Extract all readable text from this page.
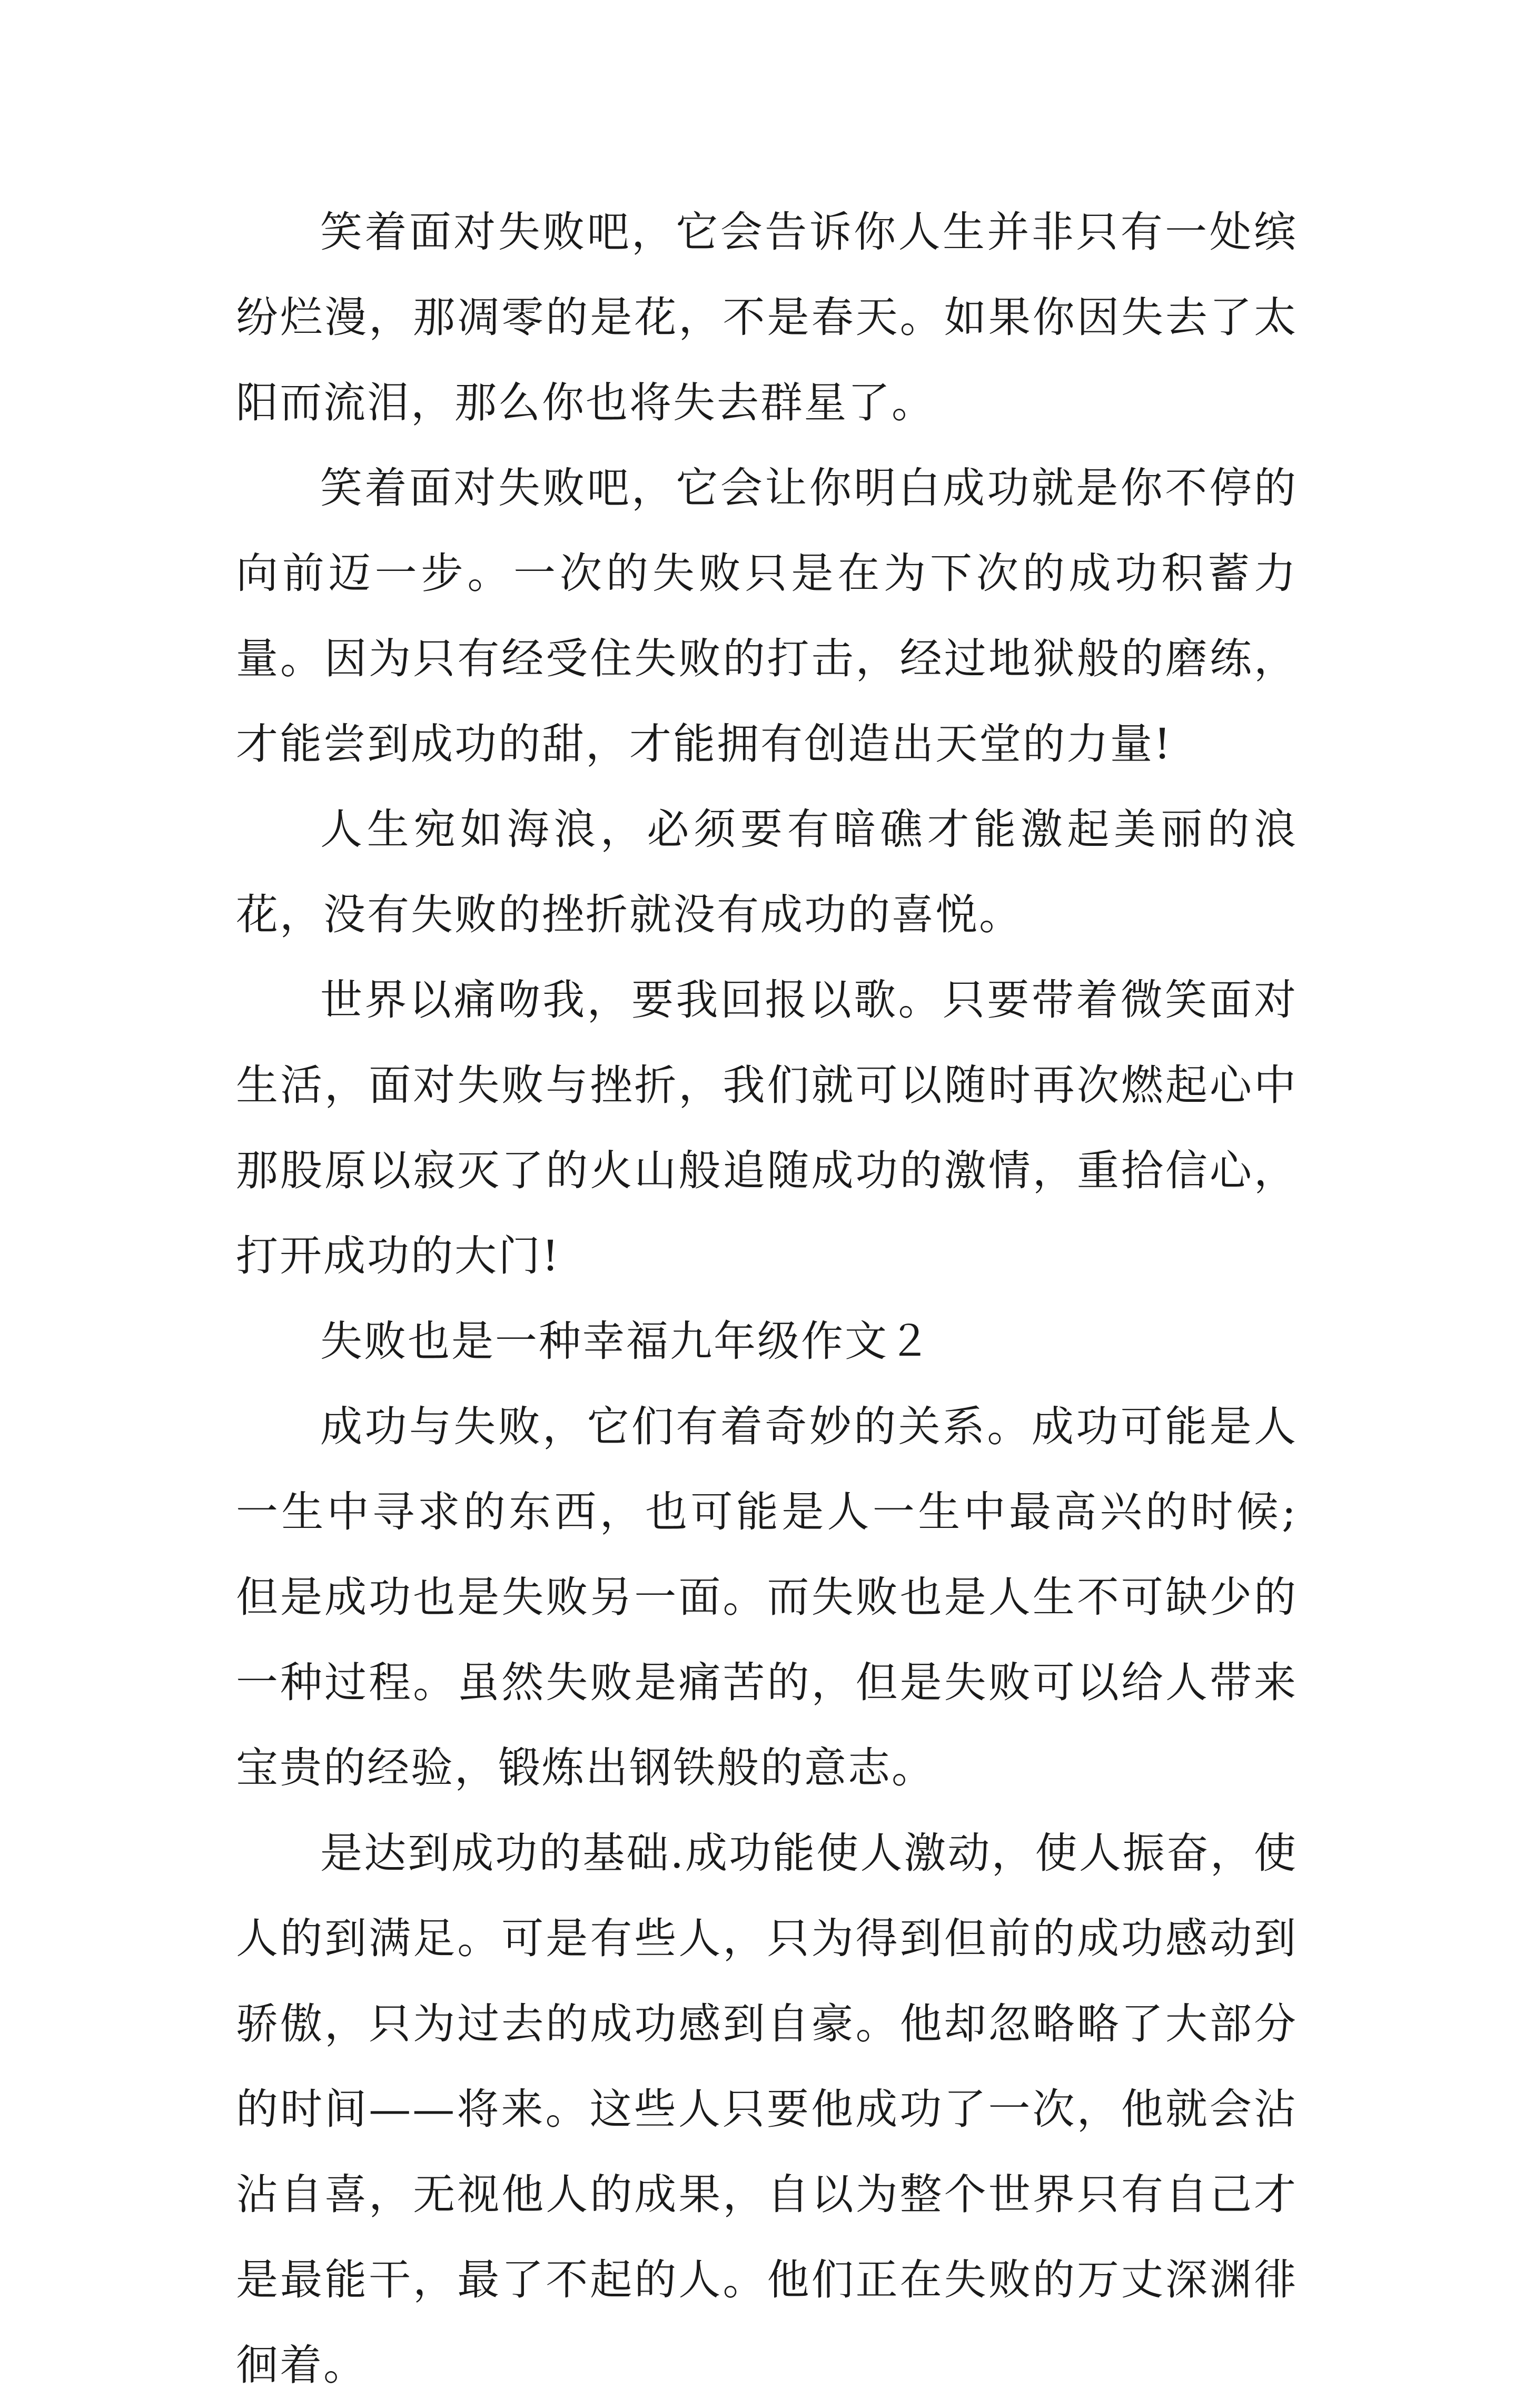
笑着面对失败吧，它会告诉你人生并非只有一处缤纷烂漫，那凋零的是花，不是春天。如果你因失去了太阳而流泪，那么你也将失去群星了。

笑着面对失败吧，它会让你明白成功就是你不停的向前迈一步。一次的失败只是在为下次的成功积蓄力量。因为只有经受住失败的打击，经过地狱般的磨练，才能尝到成功的甜，才能拥有创造出天堂的力量!

人生宛如海浪，必须要有暗礁才能激起美丽的浪花，没有失败的挫折就没有成功的喜悦。

世界以痛吻我，要我回报以歌。只要带着微笑面对生活，面对失败与挫折，我们就可以随时再次燃起心中那股原以寂灭了的火山般追随成功的激情，重拾信心，打开成功的大门!

失败也是一种幸福九年级作文２

成功与失败，它们有着奇妙的关系。成功可能是人一生中寻求的东西，也可能是人一生中最高兴的时候;但是成功也是失败另一面。而失败也是人生不可缺少的一种过程。虽然失败是痛苦的，但是失败可以给人带来宝贵的经验，锻炼出钢铁般的意志。

是达到成功的基础.成功能使人激动，使人振奋，使人的到满足。可是有些人，只为得到但前的成功感动到骄傲，只为过去的成功感到自豪。他却忽略略了大部分的时间——将来。这些人只要他成功了一次，他就会沾沾自喜，无视他人的成果，自以为整个世界只有自己才是最能干，最了不起的人。他们正在失败的万丈深渊徘徊着。
